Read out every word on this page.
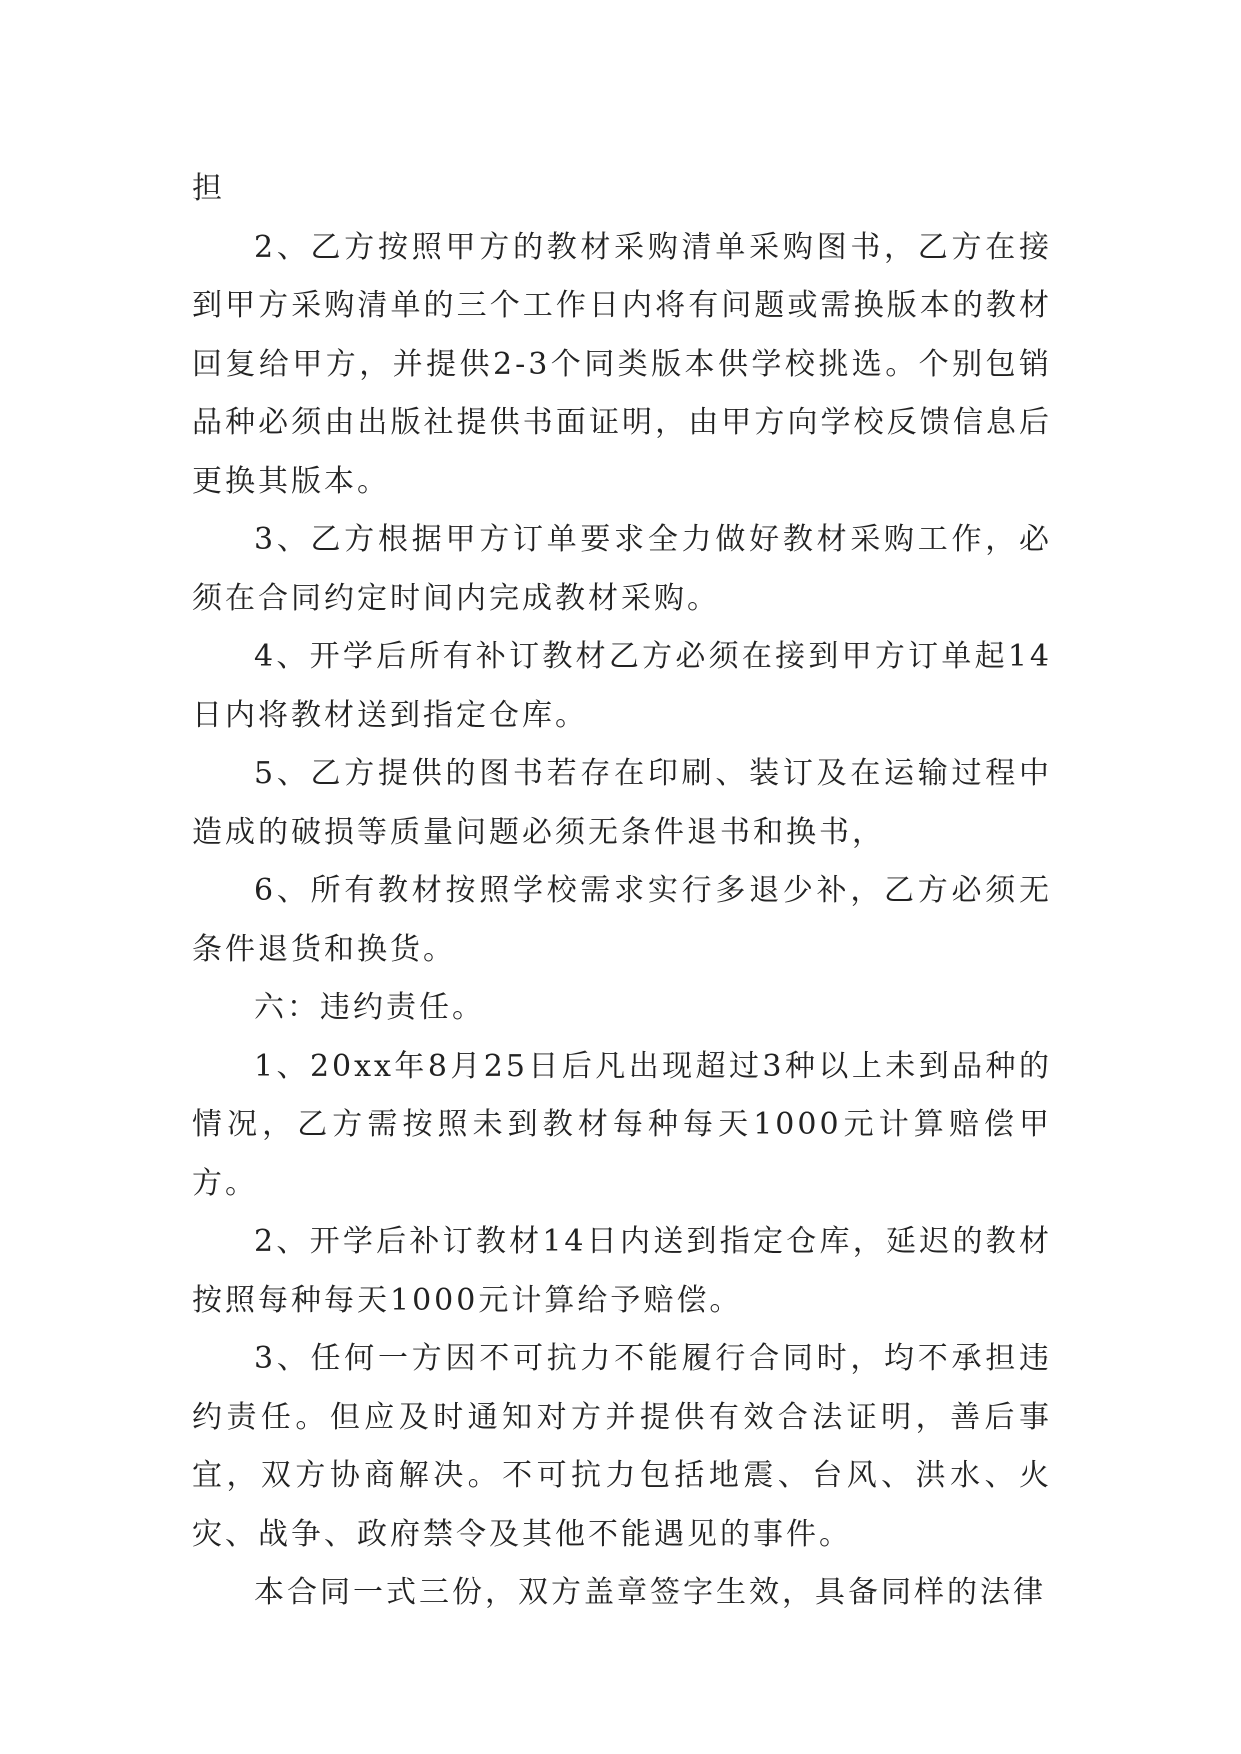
担

2、乙方按照甲方的教材采购清单采购图书，乙方在接到甲方采购清单的三个工作日内将有问题或需换版本的教材回复给甲方，并提供2-3个同类版本供学校挑选。个别包销品种必须由出版社提供书面证明，由甲方向学校反馈信息后更换其版本。

3、乙方根据甲方订单要求全力做好教材采购工作，必须在合同约定时间内完成教材采购。

4、开学后所有补订教材乙方必须在接到甲方订单起14日内将教材送到指定仓库。

5、乙方提供的图书若存在印刷、装订及在运输过程中造成的破损等质量问题必须无条件退书和换书，

6、所有教材按照学校需求实行多退少补，乙方必须无条件退货和换货。

六：违约责任。

1、20xx年8月25日后凡出现超过3种以上未到品种的情况，乙方需按照未到教材每种每天1000元计算赔偿甲方。

2、开学后补订教材14日内送到指定仓库，延迟的教材按照每种每天1000元计算给予赔偿。

3、任何一方因不可抗力不能履行合同时，均不承担违约责任。但应及时通知对方并提供有效合法证明，善后事宜，双方协商解决。不可抗力包括地震、台风、洪水、火灾、战争、政府禁令及其他不能遇见的事件。

本合同一式三份，双方盖章签字生效，具备同样的法律
